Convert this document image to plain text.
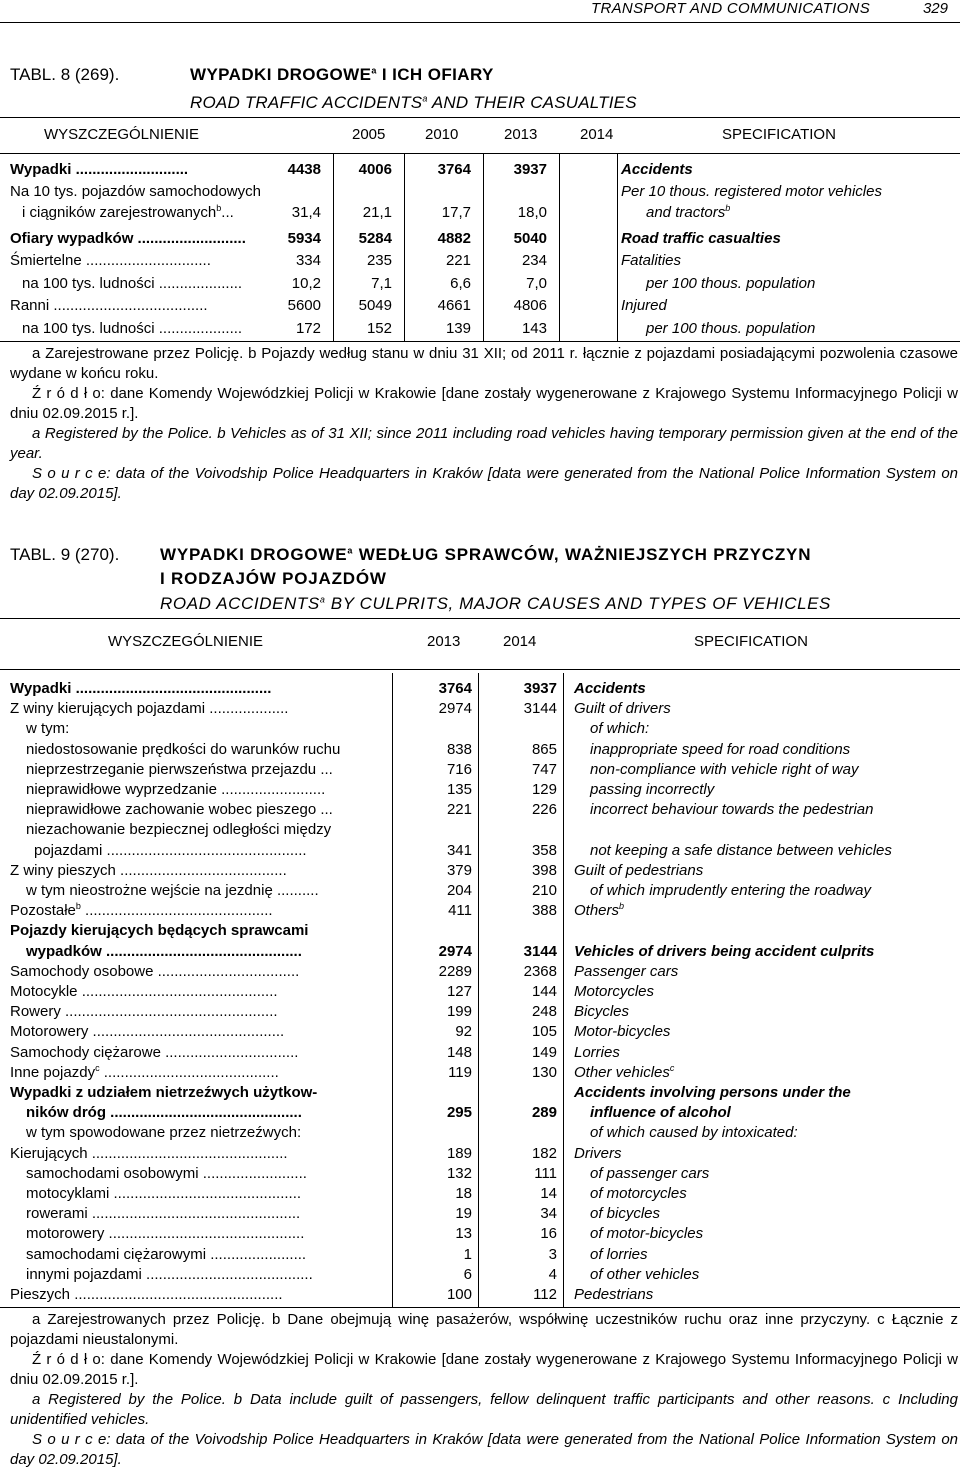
TRANSPORT AND COMMUNICATIONS	329
TABL. 8 (269).	WYPADKI DROGOWE$^a$ I ICH OFIARY
ROAD TRAFFIC ACCIDENTS$^a$ AND THEIR CASUALTIES
WYSZCZEGÓLNIENIE	2005	2010	2013	2014	SPECIFICATION
Wypadki ...........................	4438	4006	3764	3937	Accidents
Na 10 tys. pojazdów samochodowych	Per 10 thous. registered motor vehicles
i ciągników zarejestrowanych$^b$...	31,4	21,1	17,7	18,0	and tractors$^b$
Ofiary wypadków ..........................	5934	5284	4882	5040	Road traffic casualties
Śmiertelne ..............................	334	235	221	234	Fatalities
na 100 tys. ludności ....................	10,2	7,1	6,6	7,0	per 100 thous. population
Ranni .....................................	5600	5049	4661	4806	Injured
na 100 tys. ludności ....................	172	152	139	143	per 100 thous. population

a Zarejestrowane przez Policję. b Pojazdy według stanu w dniu 31 XII; od 2011 r. łącznie z pojazdami posiadającymi pozwolenia czasowe wydane w końcu roku.

Ź r ó d ł o: dane Komendy Wojewódzkiej Policji w Krakowie [dane zostały wygenerowane z Krajowego Systemu Informacyjnego Policji w dniu 02.09.2015 r.].

a Registered by the Police. b Vehicles as of 31 XII; since 2011 including road vehicles having temporary permission given at the end of the year.

S o u r c e: data of the Voivodship Police Headquarters in Kraków [data were generated from the National Police Information System on day 02.09.2015].

TABL. 9 (270). WYPADKI DROGOWE$^a$ WEDŁUG SPRAWCÓW, WAŻNIEJSZYCH PRZYCZYN
I RODZAJÓW POJAZDÓW
ROAD ACCIDENTS$^a$ BY CULPRITS, MAJOR CAUSES AND TYPES OF VEHICLES
WYSZCZEGÓLNIENIE	2013	2014	SPECIFICATION
Wypadki ...............................................	3764	3937 Accidents
Z winy kierujących pojazdami ...................	2974	3144 Guilt of drivers
w tym:	of which:
niedostosowanie prędkości do warunków ruchu	838	865 inappropriate speed for road conditions
nieprzestrzeganie pierwszeństwa przejazdu ...	716	747 non-compliance with vehicle right of way
nieprawidłowe wyprzedzanie .........................	135	129 passing incorrectly
nieprawidłowe zachowanie wobec pieszego ...	221	226 incorrect behaviour towards the pedestrian
niezachowanie bezpiecznej odległości między
pojazdami ................................................	341	358 not keeping a safe distance between vehicles
Z winy pieszych ........................................	379	398 Guilt of pedestrians
w tym nieostrożne wejście na jezdnię ..........	204	210 of which imprudently entering the roadway
Pozostałe$^b$ .............................................	411	388 Others$^b$
Pojazdy kierujących będących sprawcami
wypadków ...............................................	2974	3144 Vehicles of drivers being accident culprits
Samochody osobowe ..................................	2289	2368 Passenger cars
Motocykle ...............................................	127	144 Motorcycles
Rowery ...................................................	199	248 Bicycles
Motorowery ..............................................	92	105 Motor-bicycles
Samochody ciężarowe ................................	148	149 Lorries
Inne pojazdy$^c$ ..........................................	119	130 Other vehicles$^c$
Wypadki z udziałem nietrzeźwych użytkow-	Accidents involving persons under the
ników dróg ..............................................	295	289 influence of alcohol
w tym spowodowane przez nietrzeźwych:	of which caused by intoxicated:
Kierujących ...............................................	189	182 Drivers
samochodami osobowymi .........................	132	111 of passenger cars
motocyklami .............................................	18	14 of motorcycles
rowerami ..................................................	19	34 of bicycles
motorowery ...............................................	13	16 of motor-bicycles
samochodami ciężarowymi .......................	1	3 of lorries
innymi pojazdami ........................................	6	4 of other vehicles
Pieszych ..................................................	100	112 Pedestrians

a Zarejestrowanych przez Policję. b Dane obejmują winę pasażerów, współwinę uczestników ruchu oraz inne przyczyny. c Łącznie z pojazdami nieustalonymi.

Ź r ó d ł o: dane Komendy Wojewódzkiej Policji w Krakowie [dane zostały wygenerowane z Krajowego Systemu Informacyjnego Policji w dniu 02.09.2015 r.].

a Registered by the Police. b Data include guilt of passengers, fellow delinquent traffic participants and other reasons. c Including unidentified vehicles.

S o u r c e: data of the Voivodship Police Headquarters in Kraków [data were generated from the National Police Information System on day 02.09.2015].
